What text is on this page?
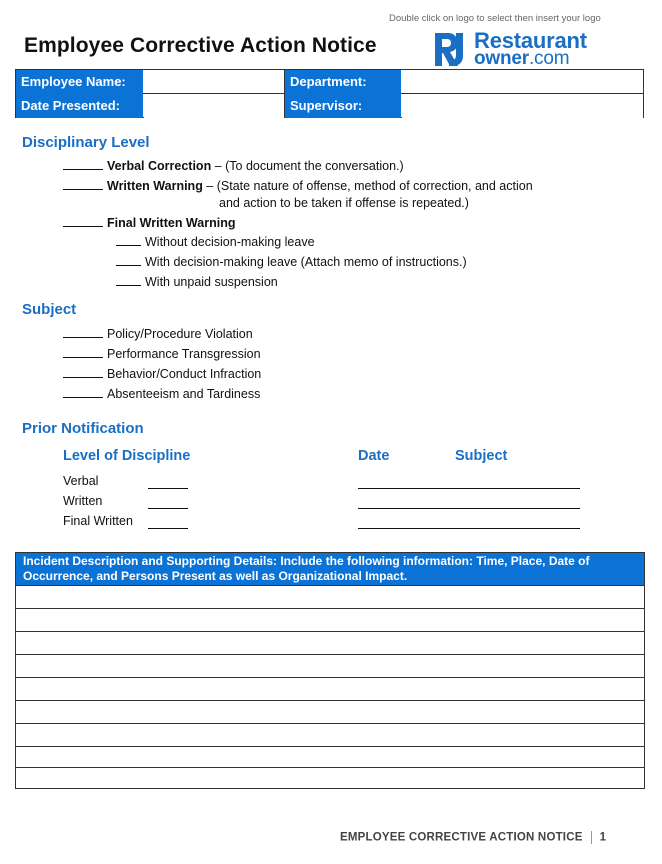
Double click on logo to select then insert your logo
Employee Corrective Action Notice	Restaurant
owner.com
Employee Name:	Department:
Date Presented:	Supervisor:
Disciplinary Level
Verbal Correction – (To document the conversation.)
Written Warning – (State nature of offense, method of correction, and action
and action to be taken if offense is repeated.)
Final Written Warning
Without decision-making leave
With decision-making leave (Attach memo of instructions.)
With unpaid suspension
Subject
Policy/Procedure Violation
Performance Transgression
Behavior/Conduct Infraction
Absenteeism and Tardiness
Prior Notification
Level of Discipline	Date	Subject
Verbal
Written
Final Written
Incident Description and Supporting Details: Include the following information: Time, Place, Date of Occurrence, and Persons Present as well as Organizational Impact.
EMPLOYEE CORRECTIVE ACTION NOTICE 1
